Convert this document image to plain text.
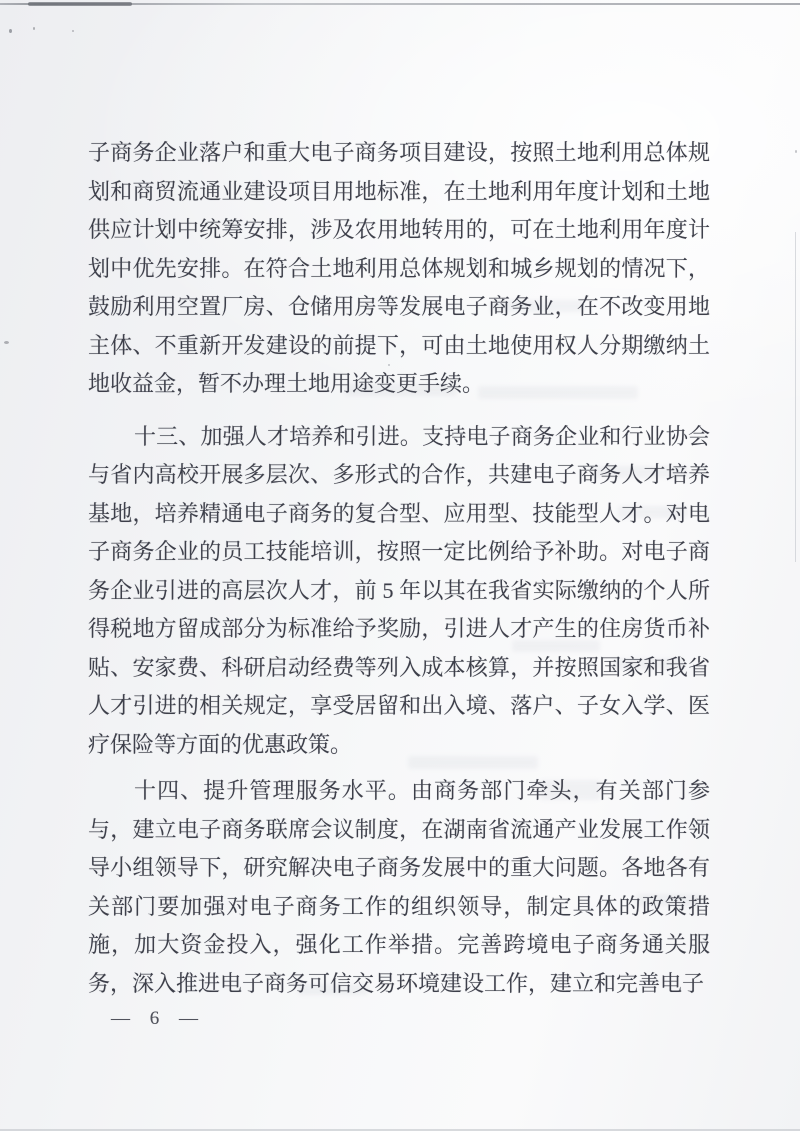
子商务企业落户和重大电子商务项目建设，按照土地利用总体规
划和商贸流通业建设项目用地标准，在土地利用年度计划和土地
供应计划中统筹安排，涉及农用地转用的，可在土地利用年度计
划中优先安排。在符合土地利用总体规划和城乡规划的情况下，
鼓励利用空置厂房、仓储用房等发展电子商务业，在不改变用地
主体、不重新开发建设的前提下，可由土地使用权人分期缴纳土
地收益金，暂不办理土地用途变更手续。
十三、加强人才培养和引进。支持电子商务企业和行业协会
与省内高校开展多层次、多形式的合作，共建电子商务人才培养
基地，培养精通电子商务的复合型、应用型、技能型人才。对电
子商务企业的员工技能培训，按照一定比例给予补助。对电子商
务企业引进的高层次人才，前 5 年以其在我省实际缴纳的个人所
得税地方留成部分为标准给予奖励，引进人才产生的住房货币补
贴、安家费、科研启动经费等列入成本核算，并按照国家和我省
人才引进的相关规定，享受居留和出入境、落户、子女入学、医
疗保险等方面的优惠政策。
十四、提升管理服务水平。由商务部门牵头，有关部门参
与，建立电子商务联席会议制度，在湖南省流通产业发展工作领
导小组领导下，研究解决电子商务发展中的重大问题。各地各有
关部门要加强对电子商务工作的组织领导，制定具体的政策措
施，加大资金投入，强化工作举措。完善跨境电子商务通关服
务，深入推进电子商务可信交易环境建设工作，建立和完善电子
— 6 —
